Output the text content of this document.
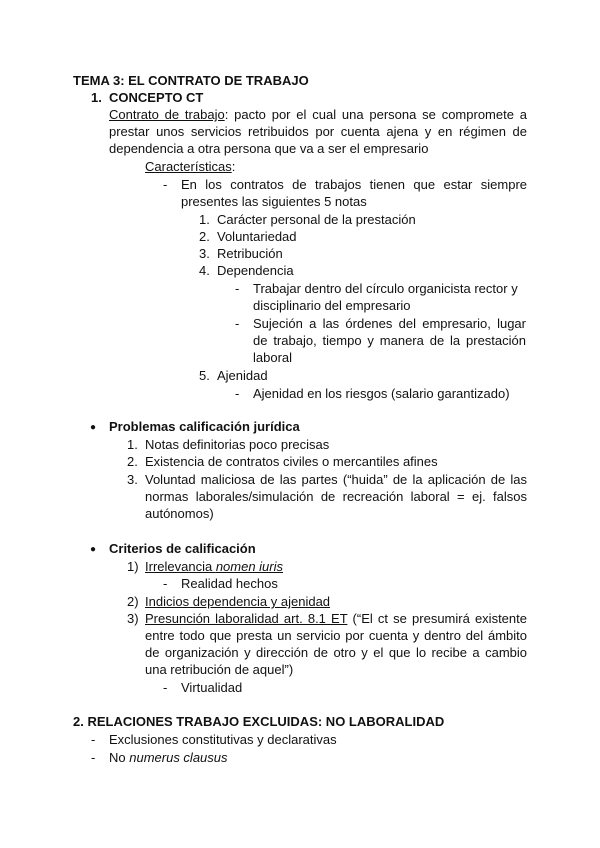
TEMA 3: EL CONTRATO DE TRABAJO
1. CONCEPTO CT
Contrato de trabajo: pacto por el cual una persona se compromete a
prestar unos servicios retribuidos por cuenta ajena y en régimen de
dependencia a otra persona que va a ser el empresario
Características:
- En los contratos de trabajos tienen que estar siempre
presentes las siguientes 5 notas
1. Carácter personal de la prestación
2. Voluntariedad
3. Retribución
4. Dependencia
- Trabajar dentro del círculo organicista rector y
disciplinario del empresario
- Sujeción a las órdenes del empresario, lugar
de trabajo, tiempo y manera de la prestación
laboral
5. Ajenidad
- Ajenidad en los riesgos (salario garantizado)
● Problemas calificación jurídica
1. Notas definitorias poco precisas
2. Existencia de contratos civiles o mercantiles afines
3. Voluntad maliciosa de las partes (“huida” de la aplicación de las
normas laborales/simulación de recreación laboral = ej. falsos
autónomos)
● Criterios de calificación
1) Irrelevancia nomen iuris
- Realidad hechos
2) Indicios dependencia y ajenidad
3) Presunción laboralidad art. 8.1 ET (“El ct se presumirá existente
entre todo que presta un servicio por cuenta y dentro del ámbito
de organización y dirección de otro y el que lo recibe a cambio
una retribución de aquel”)
- Virtualidad
2. RELACIONES TRABAJO EXCLUIDAS: NO LABORALIDAD
- Exclusiones constitutivas y declarativas
- No numerus clausus
